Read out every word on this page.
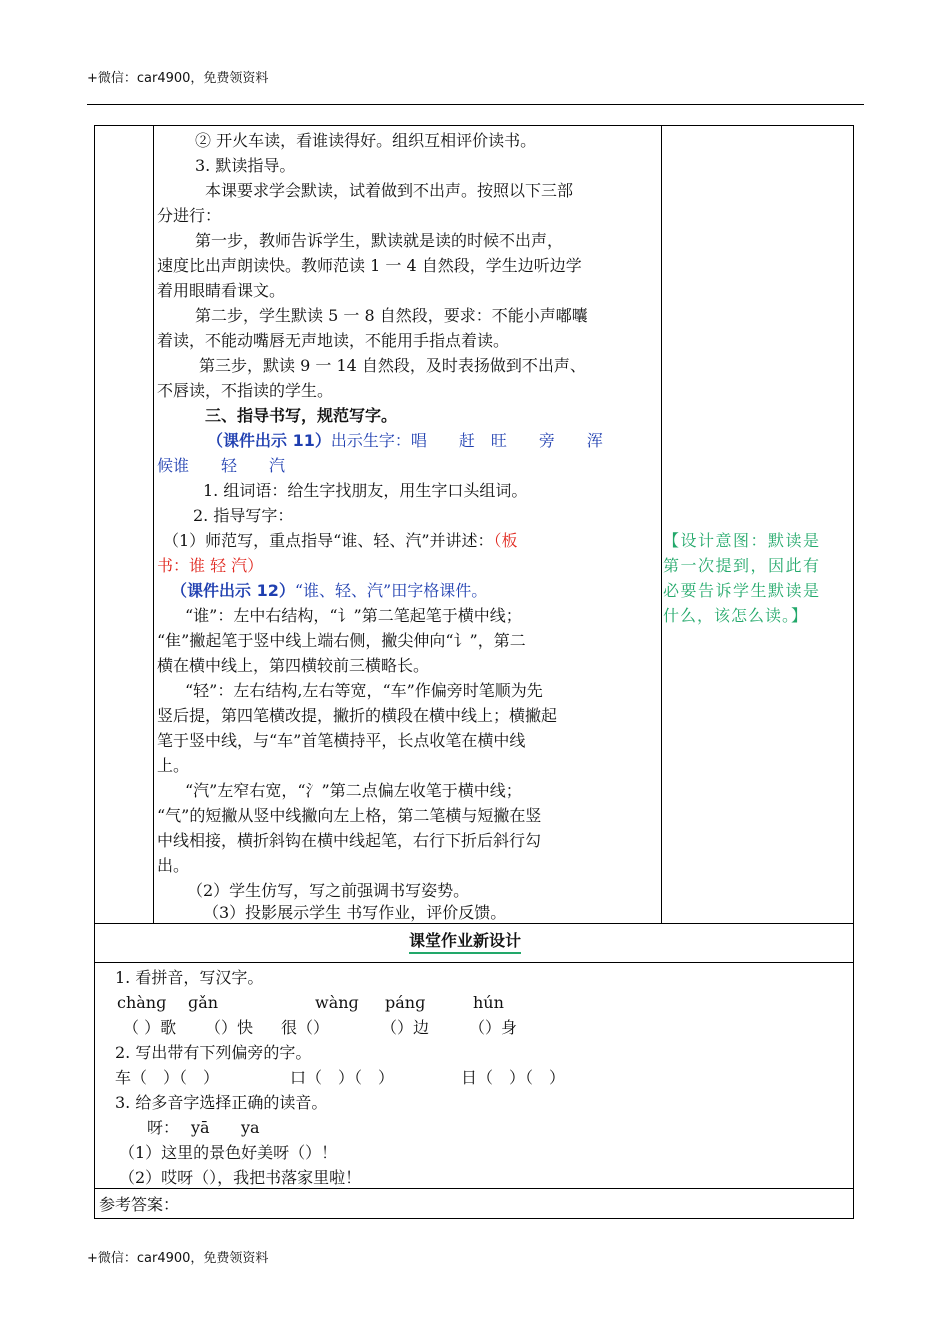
+微信：car4900，免费领资料
② 开火车读，看谁读得好。组织互相评价读书。
3. 默读指导。
本课要求学会默读，试着做到不出声。按照以下三部
分进行：
第一步，教师告诉学生，默读就是读的时候不出声，
速度比出声朗读快。教师范读 1 一 4 自然段，学生边听边学
着用眼睛看课文。
第二步，学生默读 5 一 8 自然段，要求：不能小声嘟囔
着读，不能动嘴唇无声地读，不能用手指点着读。
第三步，默读 9 一 14 自然段，及时表扬做到不出声、
不唇读，不指读的学生。
三、指导书写，规范写字。
（课件出示 11）出示生字：唱　　赶　旺　　旁　　浑
候谁　　轻　　汽
1. 组词语：给生字找朋友，用生字口头组词。
2. 指导写字：
（1）师范写，重点指导“谁、轻、汽”并讲述：（板
书：谁 轻 汽）
（课件出示 12）“谁、轻、汽”田字格课件。
“谁”：左中右结构，“讠”第二笔起笔于横中线；
“隹”撇起笔于竖中线上端右侧，撇尖伸向“讠”，第二
横在横中线上，第四横较前三横略长。
“轻”：左右结构,左右等宽，“车”作偏旁时笔顺为先
竖后提，第四笔横改提，撇折的横段在横中线上；横撇起
笔于竖中线，与“车”首笔横持平，长点收笔在横中线
上。
“汽”左窄右宽，“氵”第二点偏左收笔于横中线；
“气”的短撇从竖中线撇向左上格，第二笔横与短撇在竖
中线相接，横折斜钩在横中线起笔，右行下折后斜行勾
出。
（2）学生仿写，写之前强调书写姿势。
（3）投影展示学生 书写作业，评价反馈。
【设计意图：默读是
第一次提到，因此有
必要告诉学生默读是
什么，该怎么读。】
课堂作业新设计
1. 看拼音，写汉字。
chànɡ ɡǎn	wànɡ pánɡ	hún
（ ）歌 （）快 很（）	（）边 （）身
2. 写出带有下列偏旁的字。
车（　）（　）	口（　）（　）	日（　）（　）
3. 给多音字选择正确的读音。
呀： yā ya
（1）这里的景色好美呀（）！
（2）哎呀（），我把书落家里啦！
参考答案：
+微信：car4900，免费领资料
